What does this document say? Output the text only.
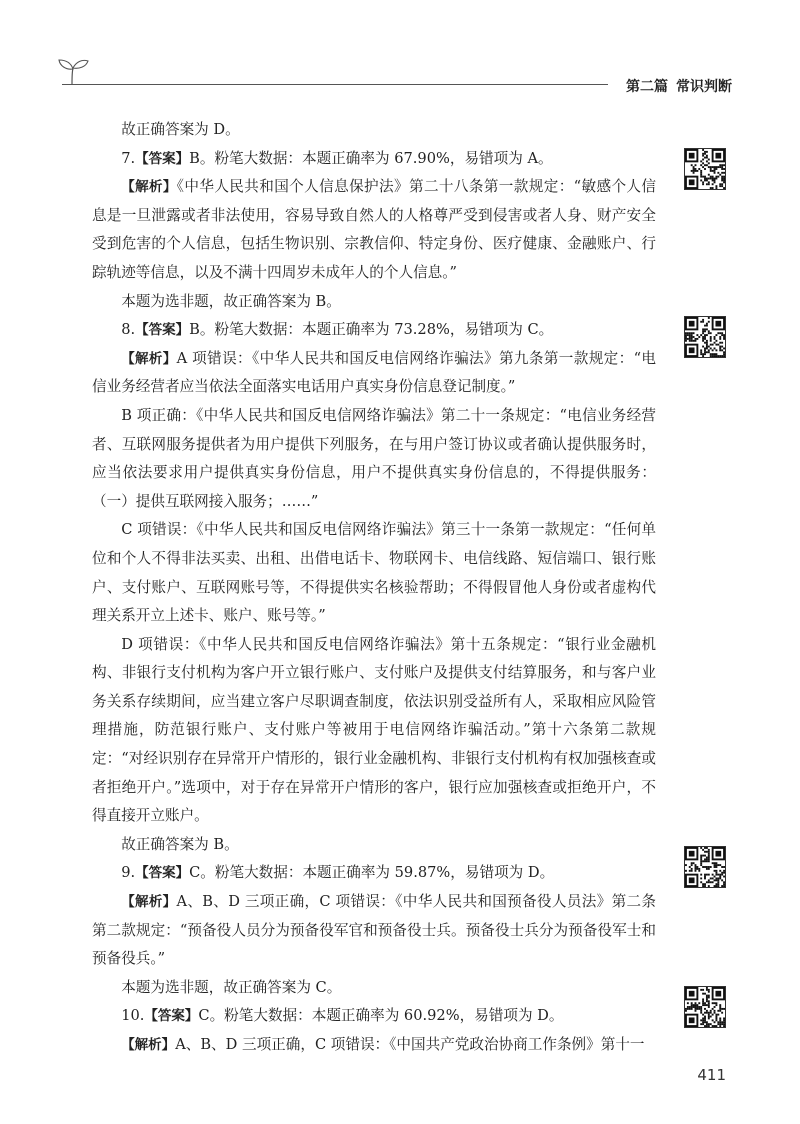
第二篇 常识判断

故正确答案为 D。

7.【答案】B。粉笔大数据：本题正确率为 67.90%，易错项为 A。

【解析】《中华人民共和国个人信息保护法》第二十八条第一款规定：“敏感个人信息是一旦泄露或者非法使用，容易导致自然人的人格尊严受到侵害或者人身、财产安全受到危害的个人信息，包括生物识别、宗教信仰、特定身份、医疗健康、金融账户、行踪轨迹等信息，以及不满十四周岁未成年人的个人信息。”

本题为选非题，故正确答案为 B。

8.【答案】B。粉笔大数据：本题正确率为 73.28%，易错项为 C。

【解析】A 项错误：《中华人民共和国反电信网络诈骗法》第九条第一款规定：“电信业务经营者应当依法全面落实电话用户真实身份信息登记制度。”

B 项正确：《中华人民共和国反电信网络诈骗法》第二十一条规定：“电信业务经营者、互联网服务提供者为用户提供下列服务，在与用户签订协议或者确认提供服务时，应当依法要求用户提供真实身份信息，用户不提供真实身份信息的，不得提供服务：（一）提供互联网接入服务；……”

C 项错误：《中华人民共和国反电信网络诈骗法》第三十一条第一款规定：“任何单位和个人不得非法买卖、出租、出借电话卡、物联网卡、电信线路、短信端口、银行账户、支付账户、互联网账号等，不得提供实名核验帮助；不得假冒他人身份或者虚构代理关系开立上述卡、账户、账号等。”

D 项错误：《中华人民共和国反电信网络诈骗法》第十五条规定：“银行业金融机构、非银行支付机构为客户开立银行账户、支付账户及提供支付结算服务，和与客户业务关系存续期间，应当建立客户尽职调查制度，依法识别受益所有人，采取相应风险管理措施，防范银行账户、支付账户等被用于电信网络诈骗活动。”第十六条第二款规定：“对经识别存在异常开户情形的，银行业金融机构、非银行支付机构有权加强核查或者拒绝开户。”选项中，对于存在异常开户情形的客户，银行应加强核查或拒绝开户，不得直接开立账户。

故正确答案为 B。

9.【答案】C。粉笔大数据：本题正确率为 59.87%，易错项为 D。

【解析】A、B、D 三项正确，C 项错误：《中华人民共和国预备役人员法》第二条第二款规定：“预备役人员分为预备役军官和预备役士兵。预备役士兵分为预备役军士和预备役兵。”

本题为选非题，故正确答案为 C。

10.【答案】C。粉笔大数据：本题正确率为 60.92%，易错项为 D。

【解析】A、B、D 三项正确，C 项错误：《中国共产党政治协商工作条例》第十一

411
